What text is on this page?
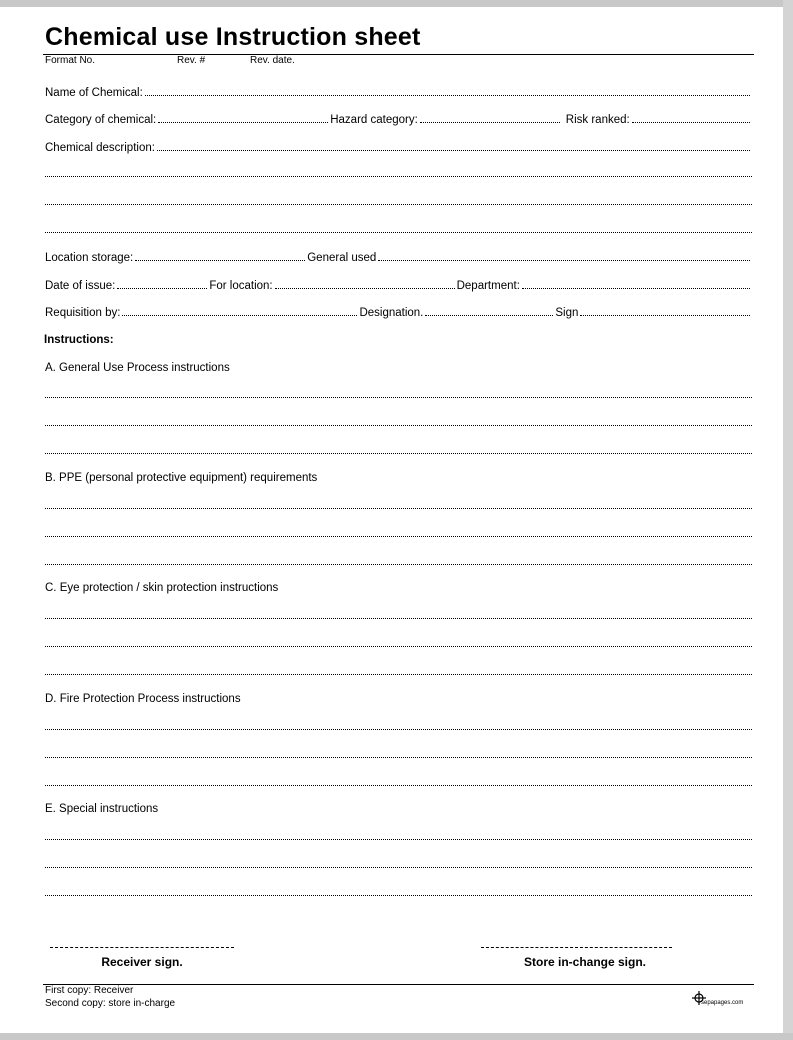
Chemical use Instruction sheet
Format No.	Rev. #	Rev. date.
Name of Chemical:
Category of chemical:	Hazard category:	Risk ranked:
Chemical description:
Location storage:	General used
Date of issue:	For location:	Department:
Requisition by:	Designation.	Sign
Instructions:
A. General Use Process instructions
B. PPE (personal protective equipment) requirements
C. Eye protection / skin protection instructions
D. Fire Protection Process instructions
E. Special instructions
Receiver sign.	Store in-change sign.
First copy: Receiver
Second copy: store in-charge	sepapages.com
